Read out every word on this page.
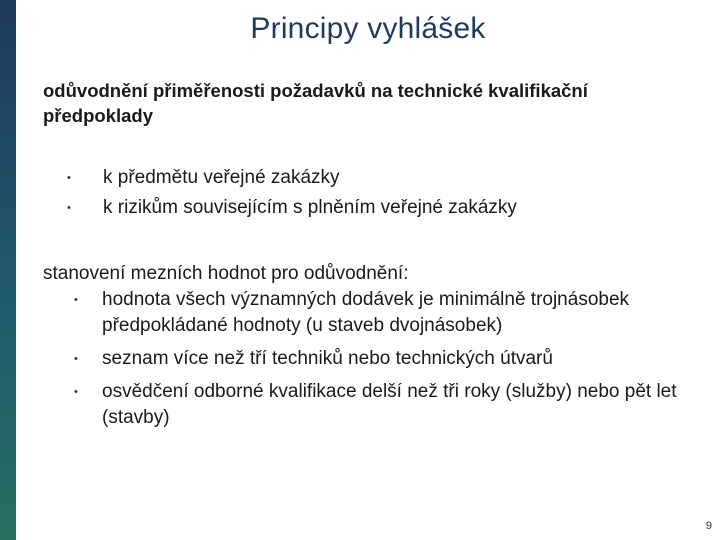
Principy vyhlášek
odůvodnění přiměřenosti požadavků na technické kvalifikační předpoklady
• k předmětu veřejné zakázky
• k rizikům souvisejícím s plněním veřejné zakázky
stanovení mezních hodnot pro odůvodnění:
• hodnota všech významných dodávek je minimálně trojnásobek předpokládané hodnoty (u staveb dvojnásobek)
• seznam více než tří techniků nebo technických útvarů
• osvědčení odborné kvalifikace delší než tři roky (služby) nebo pět let (stavby)
9
